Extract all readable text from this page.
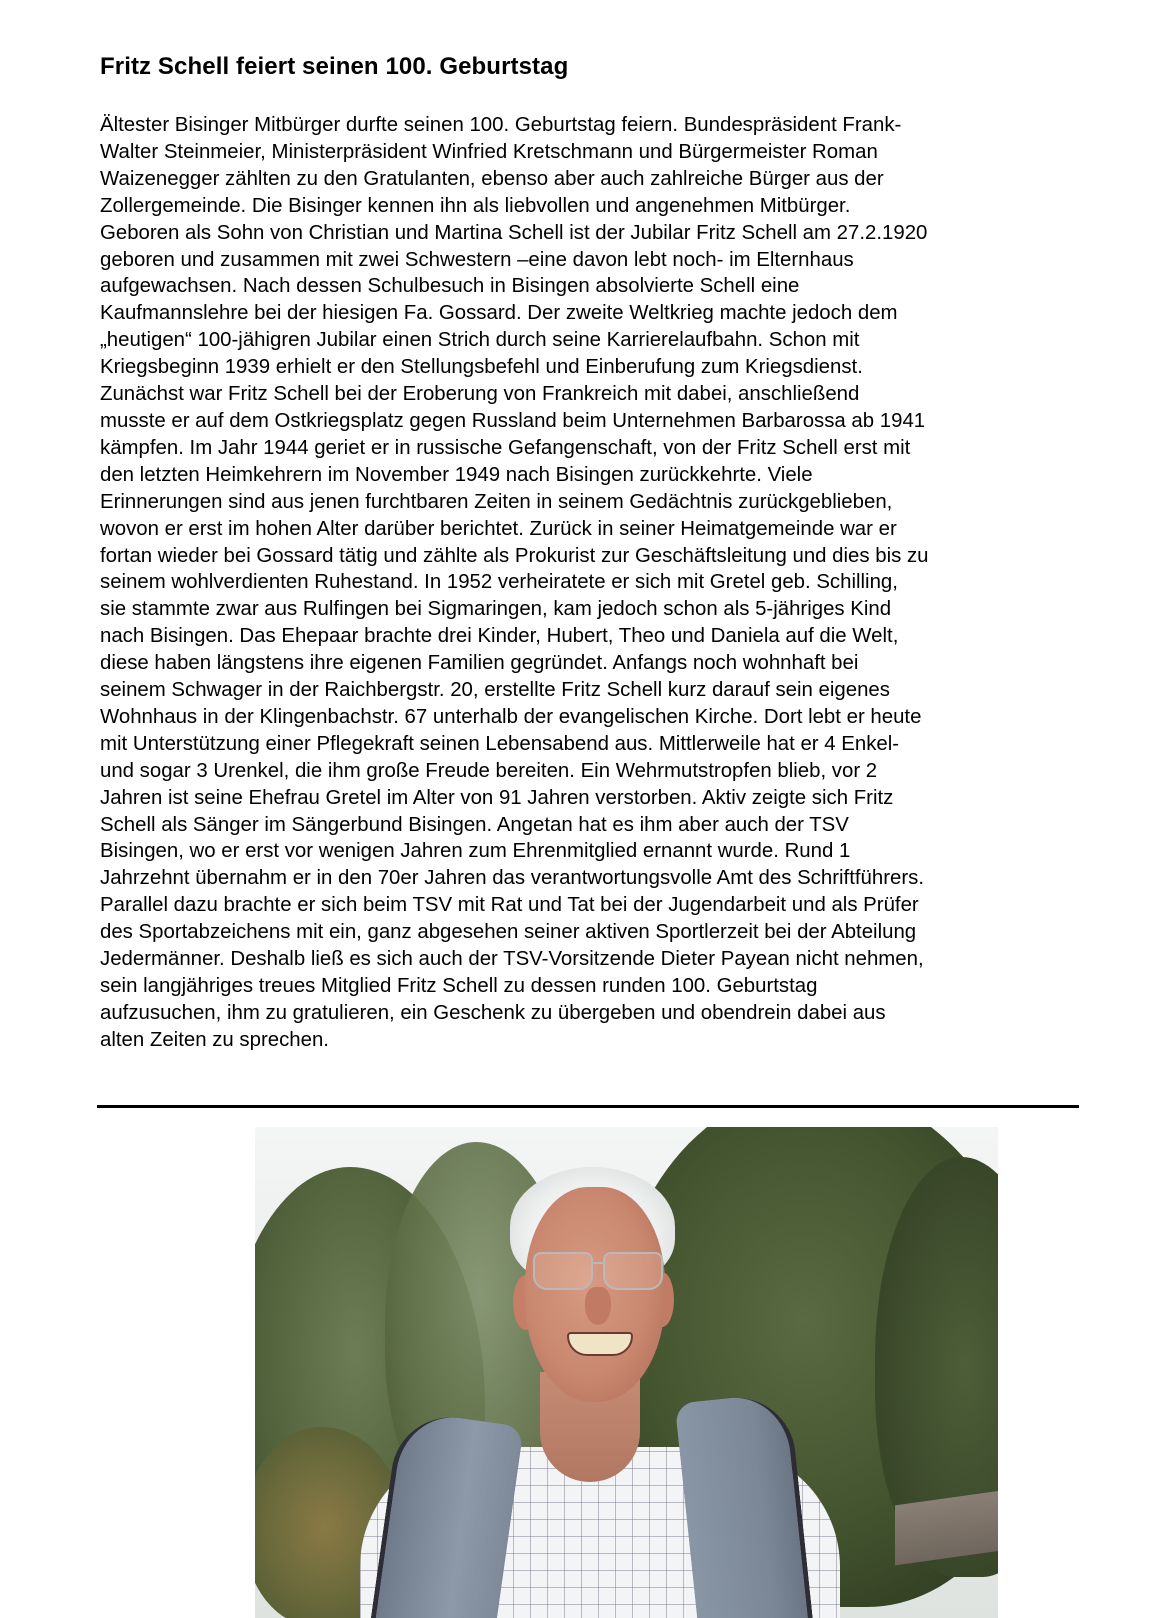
Fritz Schell feiert seinen 100. Geburtstag

Ältester Bisinger Mitbürger durfte seinen 100. Geburtstag feiern. Bundespräsident Frank-
Walter Steinmeier, Ministerpräsident Winfried Kretschmann und Bürgermeister Roman
Waizenegger zählten zu den Gratulanten, ebenso aber auch zahlreiche Bürger aus der
Zollergemeinde. Die Bisinger kennen ihn als liebvollen und angenehmen Mitbürger.
Geboren als Sohn von Christian und Martina Schell ist der Jubilar Fritz Schell am 27.2.1920
geboren und zusammen mit zwei Schwestern –eine davon lebt noch- im Elternhaus
aufgewachsen. Nach dessen Schulbesuch in Bisingen absolvierte Schell eine
Kaufmannslehre bei der hiesigen Fa. Gossard. Der zweite Weltkrieg machte jedoch dem
„heutigen“ 100-jähigren Jubilar einen Strich durch seine Karrierelaufbahn. Schon mit
Kriegsbeginn 1939 erhielt er den Stellungsbefehl und Einberufung zum Kriegsdienst.
Zunächst war Fritz Schell bei der Eroberung von Frankreich mit dabei, anschließend
musste er auf dem Ostkriegsplatz gegen Russland beim Unternehmen Barbarossa ab 1941
kämpfen. Im Jahr 1944 geriet er in russische Gefangenschaft, von der Fritz Schell erst mit
den letzten Heimkehrern im November 1949 nach Bisingen zurückkehrte. Viele
Erinnerungen sind aus jenen furchtbaren Zeiten in seinem Gedächtnis zurückgeblieben,
wovon er erst im hohen Alter darüber berichtet. Zurück in seiner Heimatgemeinde war er
fortan wieder bei Gossard tätig und zählte als Prokurist zur Geschäftsleitung und dies bis zu
seinem wohlverdienten Ruhestand. In 1952 verheiratete er sich mit Gretel geb. Schilling,
sie stammte zwar aus Rulfingen bei Sigmaringen, kam jedoch schon als 5-jähriges Kind
nach Bisingen. Das Ehepaar brachte drei Kinder, Hubert, Theo und Daniela auf die Welt,
diese haben längstens ihre eigenen Familien gegründet. Anfangs noch wohnhaft bei
seinem Schwager in der Raichbergstr. 20, erstellte Fritz Schell kurz darauf sein eigenes
Wohnhaus in der Klingenbachstr. 67 unterhalb der evangelischen Kirche. Dort lebt er heute
mit Unterstützung einer Pflegekraft seinen Lebensabend aus. Mittlerweile hat er 4 Enkel-
und sogar 3 Urenkel, die ihm große Freude bereiten. Ein Wehrmutstropfen blieb, vor 2
Jahren ist seine Ehefrau Gretel im Alter von 91 Jahren verstorben. Aktiv zeigte sich Fritz
Schell als Sänger im Sängerbund Bisingen. Angetan hat es ihm aber auch der TSV
Bisingen, wo er erst vor wenigen Jahren zum Ehrenmitglied ernannt wurde. Rund 1
Jahrzehnt übernahm er in den 70er Jahren das verantwortungsvolle Amt des Schriftführers.
Parallel dazu brachte er sich beim TSV mit Rat und Tat bei der Jugendarbeit und als Prüfer
des Sportabzeichens mit ein, ganz abgesehen seiner aktiven Sportlerzeit bei der Abteilung
Jedermänner. Deshalb ließ es sich auch der TSV-Vorsitzende Dieter Payean nicht nehmen,
sein langjähriges treues Mitglied Fritz Schell zu dessen runden 100. Geburtstag
aufzusuchen, ihm zu gratulieren, ein Geschenk zu übergeben und obendrein dabei aus
alten Zeiten zu sprechen.
